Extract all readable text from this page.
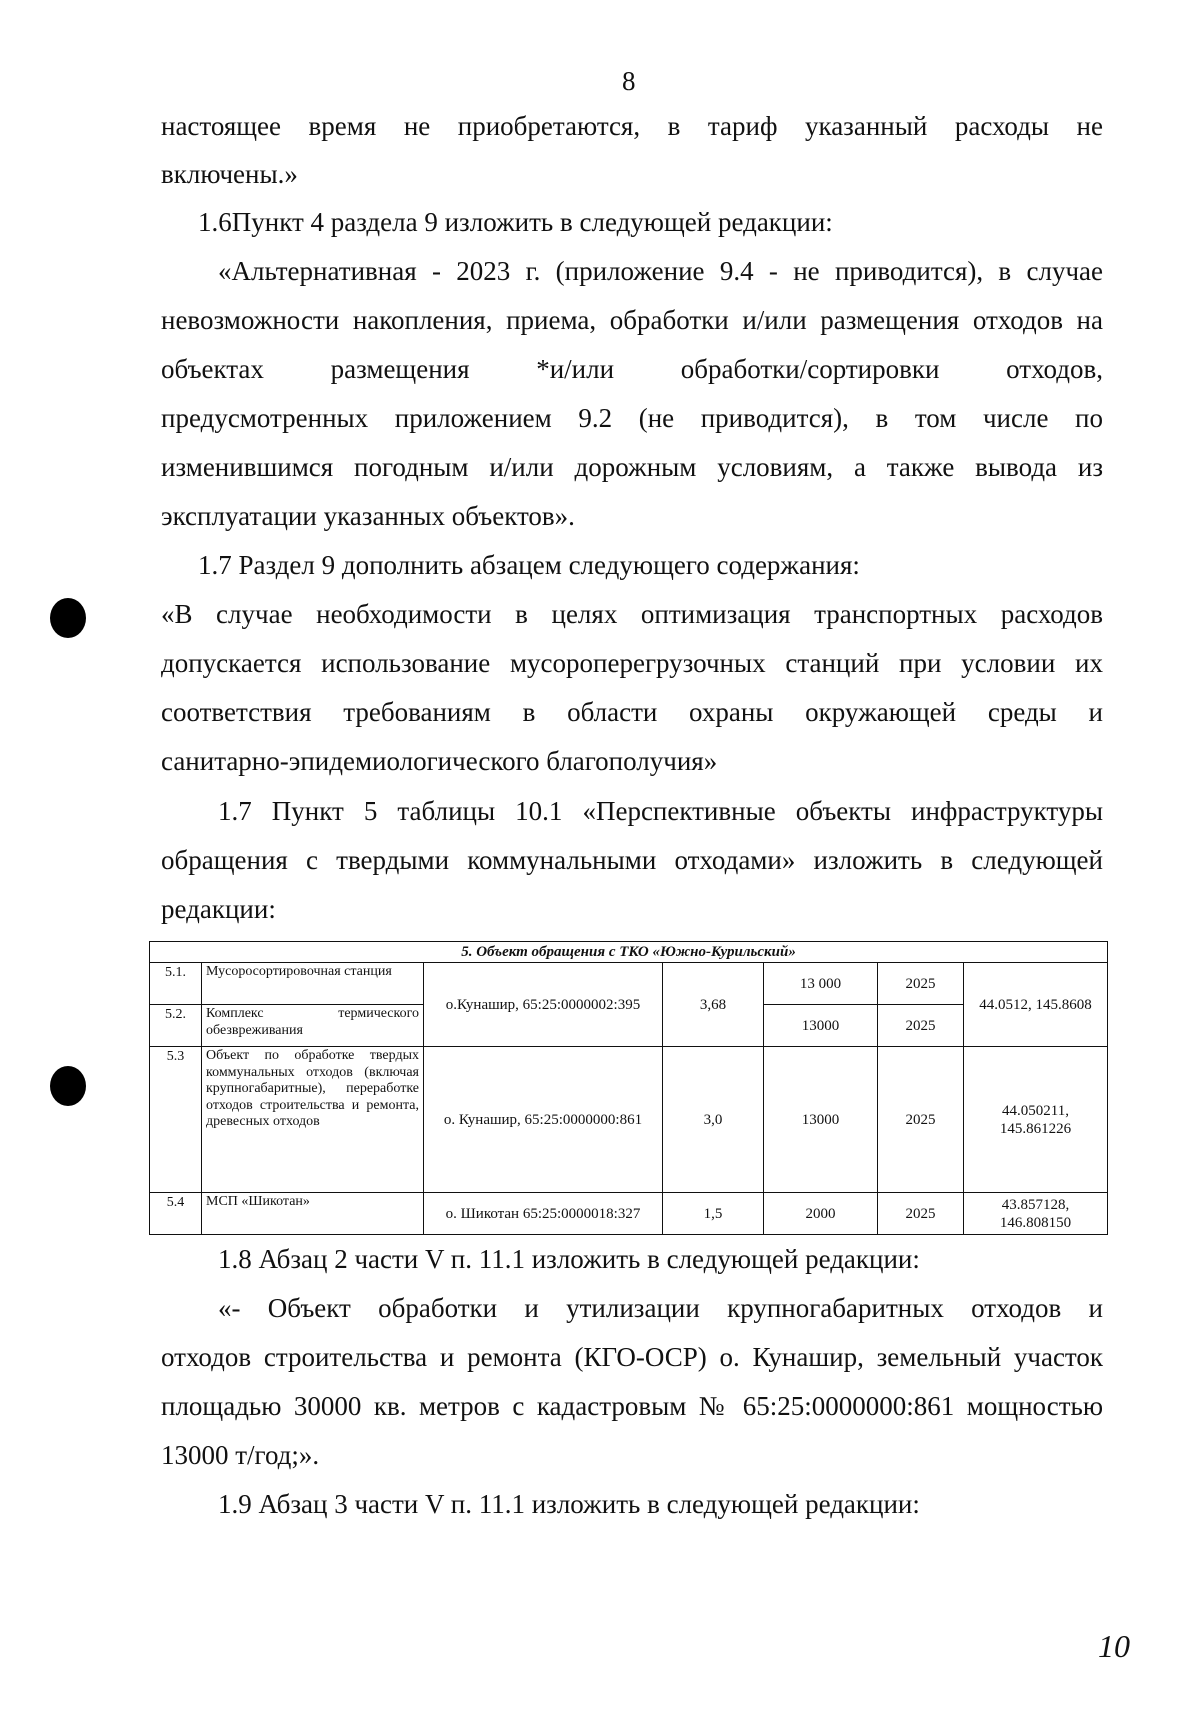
8
настоящее время не приобретаются, в тариф указанный расходы не
включены.»
1.6Пункт 4 раздела 9 изложить в следующей редакции:
«Альтернативная - 2023 г. (приложение 9.4 - не приводится), в случае
невозможности накопления, приема, обработки и/или размещения отходов на
объектах размещения *и/или обработки/сортировки отходов,
предусмотренных приложением 9.2 (не приводится), в том числе по
изменившимся погодным и/или дорожным условиям, а также вывода из
эксплуатации указанных объектов».
1.7 Раздел 9 дополнить абзацем следующего содержания:
«В случае необходимости в целях оптимизация транспортных расходов
допускается использование мусороперегрузочных станций при условии их
соответствия требованиям в области охраны окружающей среды и
санитарно-эпидемиологического благополучия»
1.7 Пункт 5 таблицы 10.1 «Перспективные объекты инфраструктуры
обращения с твердыми коммунальными отходами» изложить в следующей
редакции:
5. Объект обращения с ТКО «Южно-Курильский»						
5.1.	Мусоросортировочная станция	о.Кунашир, 65:25:0000002:395	3,68	13 000	2025	44.0512, 145.8608
5.2.	Комплекс термического обезвреживания			13000	2025	
5.3	Объект по обработке твердых коммунальных отходов (включая крупногабаритные), переработке отходов строительства и ремонта, древесных отходов	о. Кунашир, 65:25:0000000:861	3,0	13000	2025	44.050211, 145.861226
5.4	МСП «Шикотан»	о. Шикотан 65:25:0000018:327	1,5	2000	2025	43.857128, 146.808150
1.8 Абзац 2 части V п. 11.1 изложить в следующей редакции:
«- Объект обработки и утилизации крупногабаритных отходов и
отходов строительства и ремонта (КГО-ОСР) о. Кунашир, земельный участок
площадью 30000 кв. метров с кадастровым № 65:25:0000000:861 мощностью
13000 т/год;».
1.9 Абзац 3 части V п. 11.1 изложить в следующей редакции:
10
